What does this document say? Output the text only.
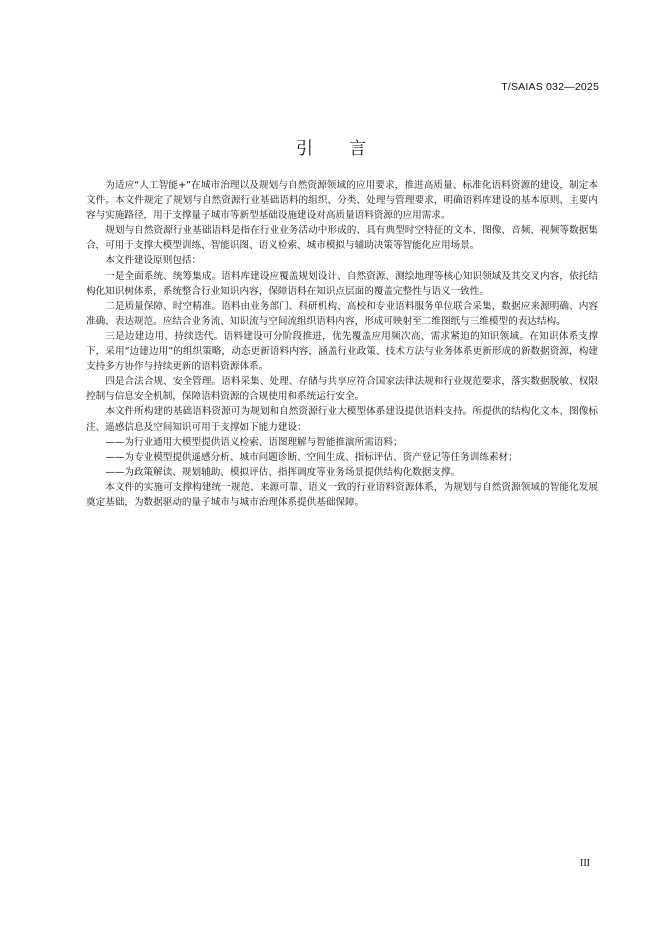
T/SAIAS 032—2025
引言

为适应“人工智能+”在城市治理以及规划与自然资源领域的应用要求，推进高质量、标准化语料资源的建设，制定本文件。本文件规定了规划与自然资源行业基础语料的组织、分类、处理与管理要求，明确语料库建设的基本原则、主要内容与实施路径，用于支撑量子城市等新型基础设施建设对高质量语料资源的应用需求。

规划与自然资源行业基础语料是指在行业业务活动中形成的、具有典型时空特征的文本、图像、音频、视频等数据集合，可用于支撑大模型训练、智能识图、语义检索、城市模拟与辅助决策等智能化应用场景。

本文件建设原则包括：

一是全面系统、统筹集成。语料库建设应覆盖规划设计、自然资源、测绘地理等核心知识领域及其交叉内容，依托结构化知识树体系，系统整合行业知识内容，保障语料在知识点层面的覆盖完整性与语义一致性。

二是质量保障、时空精准。语料由业务部门、科研机构、高校和专业语料服务单位联合采集，数据应来源明确、内容准确、表达规范。应结合业务流、知识流与空间流组织语料内容，形成可映射至二维图纸与三维模型的表达结构。

三是边建边用、持续迭代。语料建设可分阶段推进，优先覆盖应用频次高、需求紧迫的知识领域。在知识体系支撑下，采用“边建边用”的组织策略，动态更新语料内容，涵盖行业政策、技术方法与业务体系更新形成的新数据资源，构建支持多方协作与持续更新的语料资源体系。

四是合法合规、安全管理。语料采集、处理、存储与共享应符合国家法律法规和行业规范要求，落实数据脱敏、权限控制与信息安全机制，保障语料资源的合规使用和系统运行安全。

本文件所构建的基础语料资源可为规划和自然资源行业大模型体系建设提供语料支持。所提供的结构化文本、图像标注、遥感信息及空间知识可用于支撑如下能力建设：

——为行业通用大模型提供语义检索、语图理解与智能推演所需语料；

——为专业模型提供遥感分析、城市问题诊断、空间生成、指标评估、资产登记等任务训练素材；

——为政策解读、规划辅助、模拟评估、指挥调度等业务场景提供结构化数据支撑。

本文件的实施可支撑构建统一规范、来源可靠、语义一致的行业语料资源体系，为规划与自然资源领域的智能化发展奠定基础，为数据驱动的量子城市与城市治理体系提供基础保障。

III
